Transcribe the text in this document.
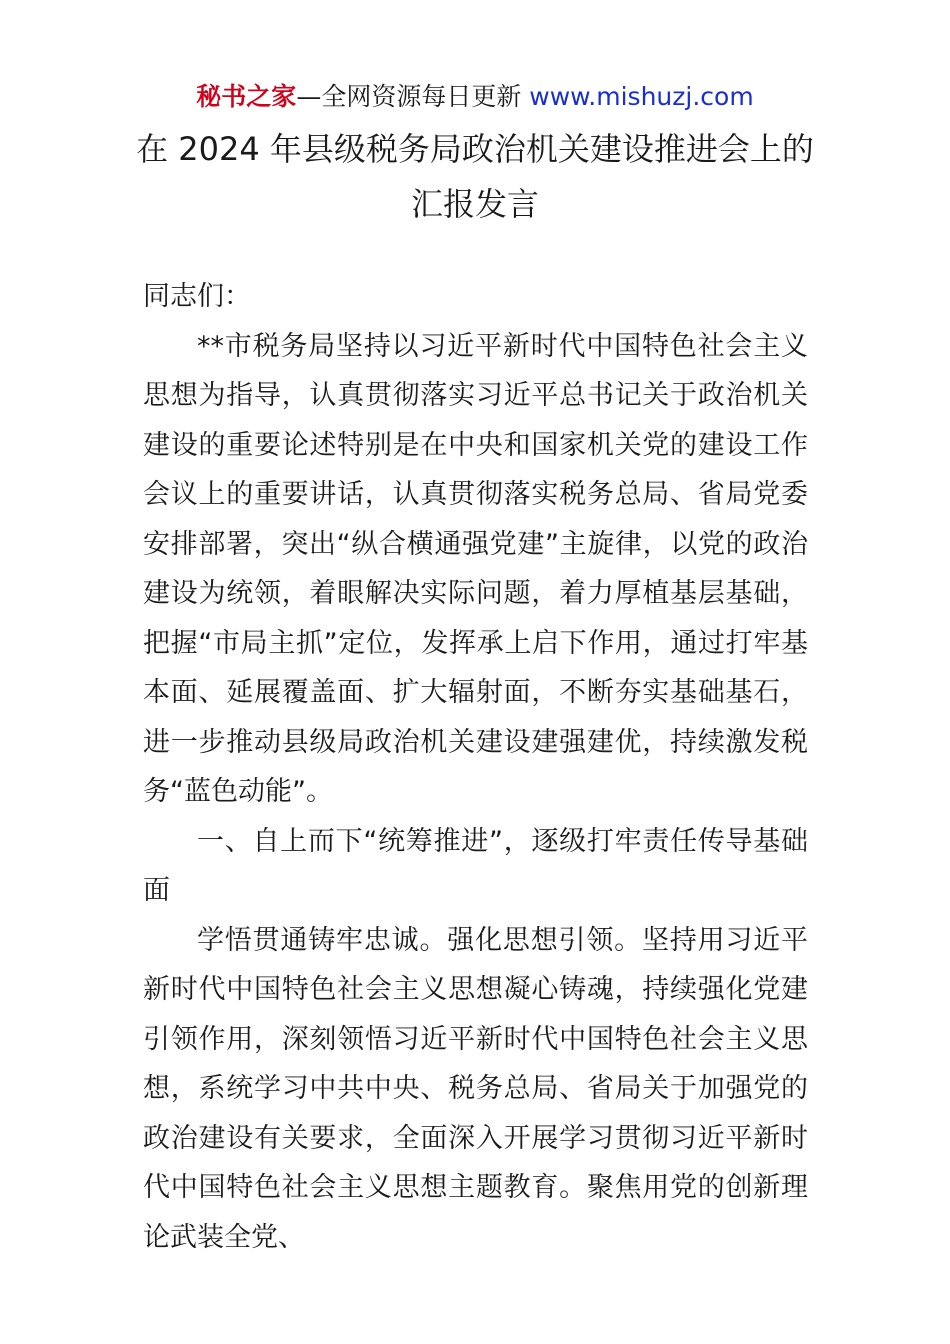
秘书之家—全网资源每日更新 www.mishuzj.com
在 2024 年县级税务局政治机关建设推进会上的
汇报发言

同志们：

**市税务局坚持以习近平新时代中国特色社会主义思想为指导，认真贯彻落实习近平总书记关于政治机关建设的重要论述特别是在中央和国家机关党的建设工作会议上的重要讲话，认真贯彻落实税务总局、省局党委安排部署，突出“纵合横通强党建”主旋律，以党的政治建设为统领，着眼解决实际问题，着力厚植基层基础，把握“市局主抓”定位，发挥承上启下作用，通过打牢基本面、延展覆盖面、扩大辐射面，不断夯实基础基石，进一步推动县级局政治机关建设建强建优，持续激发税务“蓝色动能”。

一、自上而下“统筹推进”，逐级打牢责任传导基础面

学悟贯通铸牢忠诚。强化思想引领。坚持用习近平新时代中国特色社会主义思想凝心铸魂，持续强化党建引领作用，深刻领悟习近平新时代中国特色社会主义思想，系统学习中共中央、税务总局、省局关于加强党的政治建设有关要求，全面深入开展学习贯彻习近平新时代中国特色社会主义思想主题教育。聚焦用党的创新理论武装全党、
